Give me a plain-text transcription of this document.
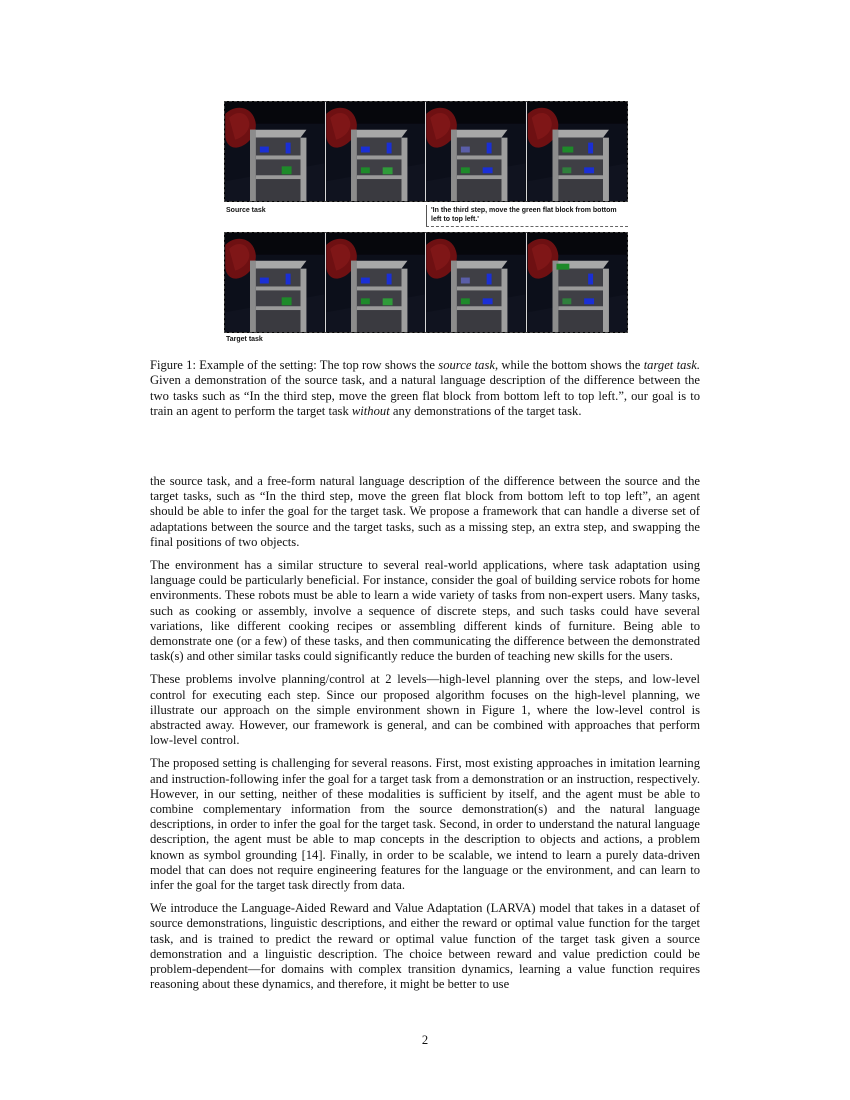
Source task	'In the third step, move the green flat block from bottom left to top left.'
Target task
Figure 1: Example of the setting: The top row shows the source task, while the bottom shows the target task. Given a demonstration of the source task, and a natural language description of the difference between the two tasks such as “In the third step, move the green flat block from bottom left to top left.”, our goal is to train an agent to perform the target task without any demonstrations of the target task.

the source task, and a free-form natural language description of the difference between the source and the target tasks, such as “In the third step, move the green flat block from bottom left to top left”, an agent should be able to infer the goal for the target task. We propose a framework that can handle a diverse set of adaptations between the source and the target tasks, such as a missing step, an extra step, and swapping the final positions of two objects.

The environment has a similar structure to several real-world applications, where task adaptation using language could be particularly beneficial. For instance, consider the goal of building service robots for home environments. These robots must be able to learn a wide variety of tasks from non-expert users. Many tasks, such as cooking or assembly, involve a sequence of discrete steps, and such tasks could have several variations, like different cooking recipes or assembling different kinds of furniture. Being able to demonstrate one (or a few) of these tasks, and then communicating the difference between the demonstrated task(s) and other similar tasks could significantly reduce the burden of teaching new skills for the users.

These problems involve planning/control at 2 levels—high-level planning over the steps, and low-level control for executing each step. Since our proposed algorithm focuses on the high-level planning, we illustrate our approach on the simple environment shown in Figure 1, where the low-level control is abstracted away. However, our framework is general, and can be combined with approaches that perform low-level control.

The proposed setting is challenging for several reasons. First, most existing approaches in imitation learning and instruction-following infer the goal for a target task from a demonstration or an instruction, respectively. However, in our setting, neither of these modalities is sufficient by itself, and the agent must be able to combine complementary information from the source demonstration(s) and the natural language descriptions, in order to infer the goal for the target task. Second, in order to understand the natural language description, the agent must be able to map concepts in the description to objects and actions, a problem known as symbol grounding [14]. Finally, in order to be scalable, we intend to learn a purely data-driven model that can does not require engineering features for the language or the environment, and can learn to infer the goal for the target task directly from data.

We introduce the Language-Aided Reward and Value Adaptation (LARVA) model that takes in a dataset of source demonstrations, linguistic descriptions, and either the reward or optimal value function for the target task, and is trained to predict the reward or optimal value function of the target task given a source demonstration and a linguistic description. The choice between reward and value prediction could be problem-dependent—for domains with complex transition dynamics, learning a value function requires reasoning about these dynamics, and therefore, it might be better to use

2
